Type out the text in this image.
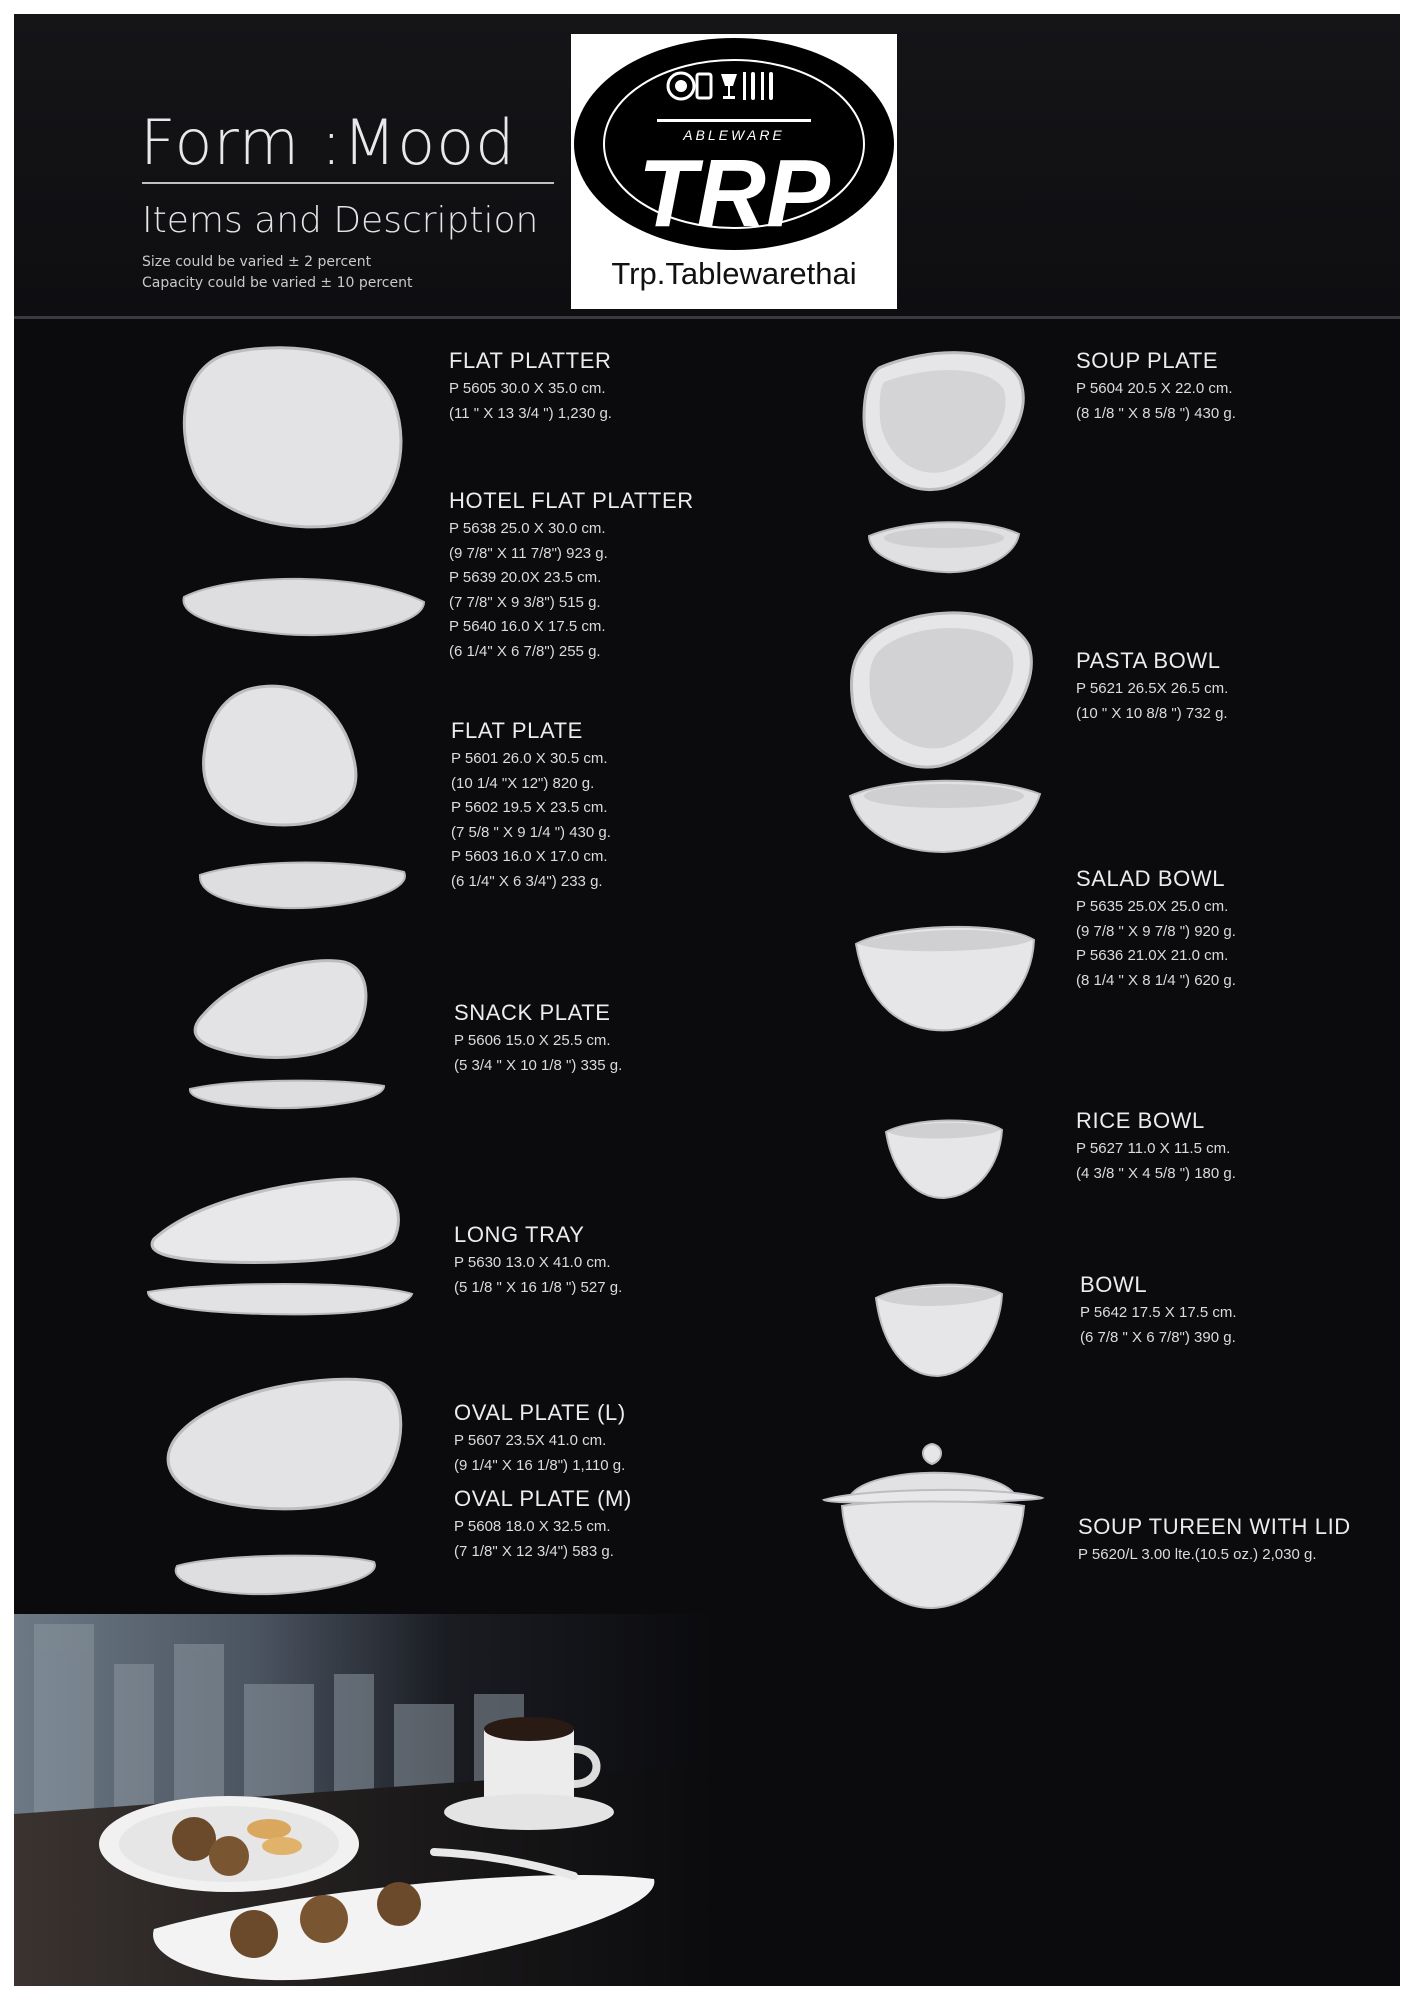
Form :Mood
Items and Description
Size could be varied ± 2 percent
Capacity could be varied ± 10 percent
ABLEWARE
TRP
Trp.Tablewarethai
FLAT PLATTER
P 5605 30.0 X 35.0 cm.
(11 " X 13 3/4 ") 1,230 g.
HOTEL FLAT PLATTER
P 5638 25.0 X 30.0 cm.
(9 7/8" X 11 7/8") 923 g.
P 5639 20.0X 23.5 cm.
(7 7/8" X 9 3/8") 515 g.
P 5640 16.0 X 17.5 cm.
(6 1/4" X 6 7/8") 255 g.
FLAT PLATE
P 5601 26.0 X 30.5 cm.
(10 1/4 "X 12") 820 g.
P 5602 19.5 X 23.5 cm.
(7 5/8 " X 9 1/4 ") 430 g.
P 5603 16.0 X 17.0 cm.
(6 1/4" X 6 3/4") 233 g.
SNACK PLATE
P 5606 15.0 X 25.5 cm.
(5 3/4 " X 10 1/8 ") 335 g.
LONG TRAY
P 5630 13.0 X 41.0 cm.
(5 1/8 " X 16 1/8 ") 527 g.
OVAL PLATE (L)
P 5607 23.5X 41.0 cm.
(9 1/4" X 16 1/8") 1,110 g.
OVAL PLATE (M)
P 5608 18.0 X 32.5 cm.
(7 1/8" X 12 3/4") 583 g.
SOUP PLATE
P 5604 20.5 X 22.0 cm.
(8 1/8 " X 8 5/8 ") 430 g.
PASTA BOWL
P 5621 26.5X 26.5 cm.
(10 " X 10 8/8 ") 732 g.
SALAD BOWL
P 5635 25.0X 25.0 cm.
(9 7/8 " X 9 7/8 ") 920 g.
P 5636 21.0X 21.0 cm.
(8 1/4 " X 8 1/4 ") 620 g.
RICE BOWL
P 5627 11.0 X 11.5 cm.
(4 3/8 " X 4 5/8 ") 180 g.
BOWL
P 5642 17.5 X 17.5 cm.
(6 7/8 " X 6 7/8") 390 g.
SOUP TUREEN WITH LID
P 5620/L 3.00 lte.(10.5 oz.) 2,030 g.
